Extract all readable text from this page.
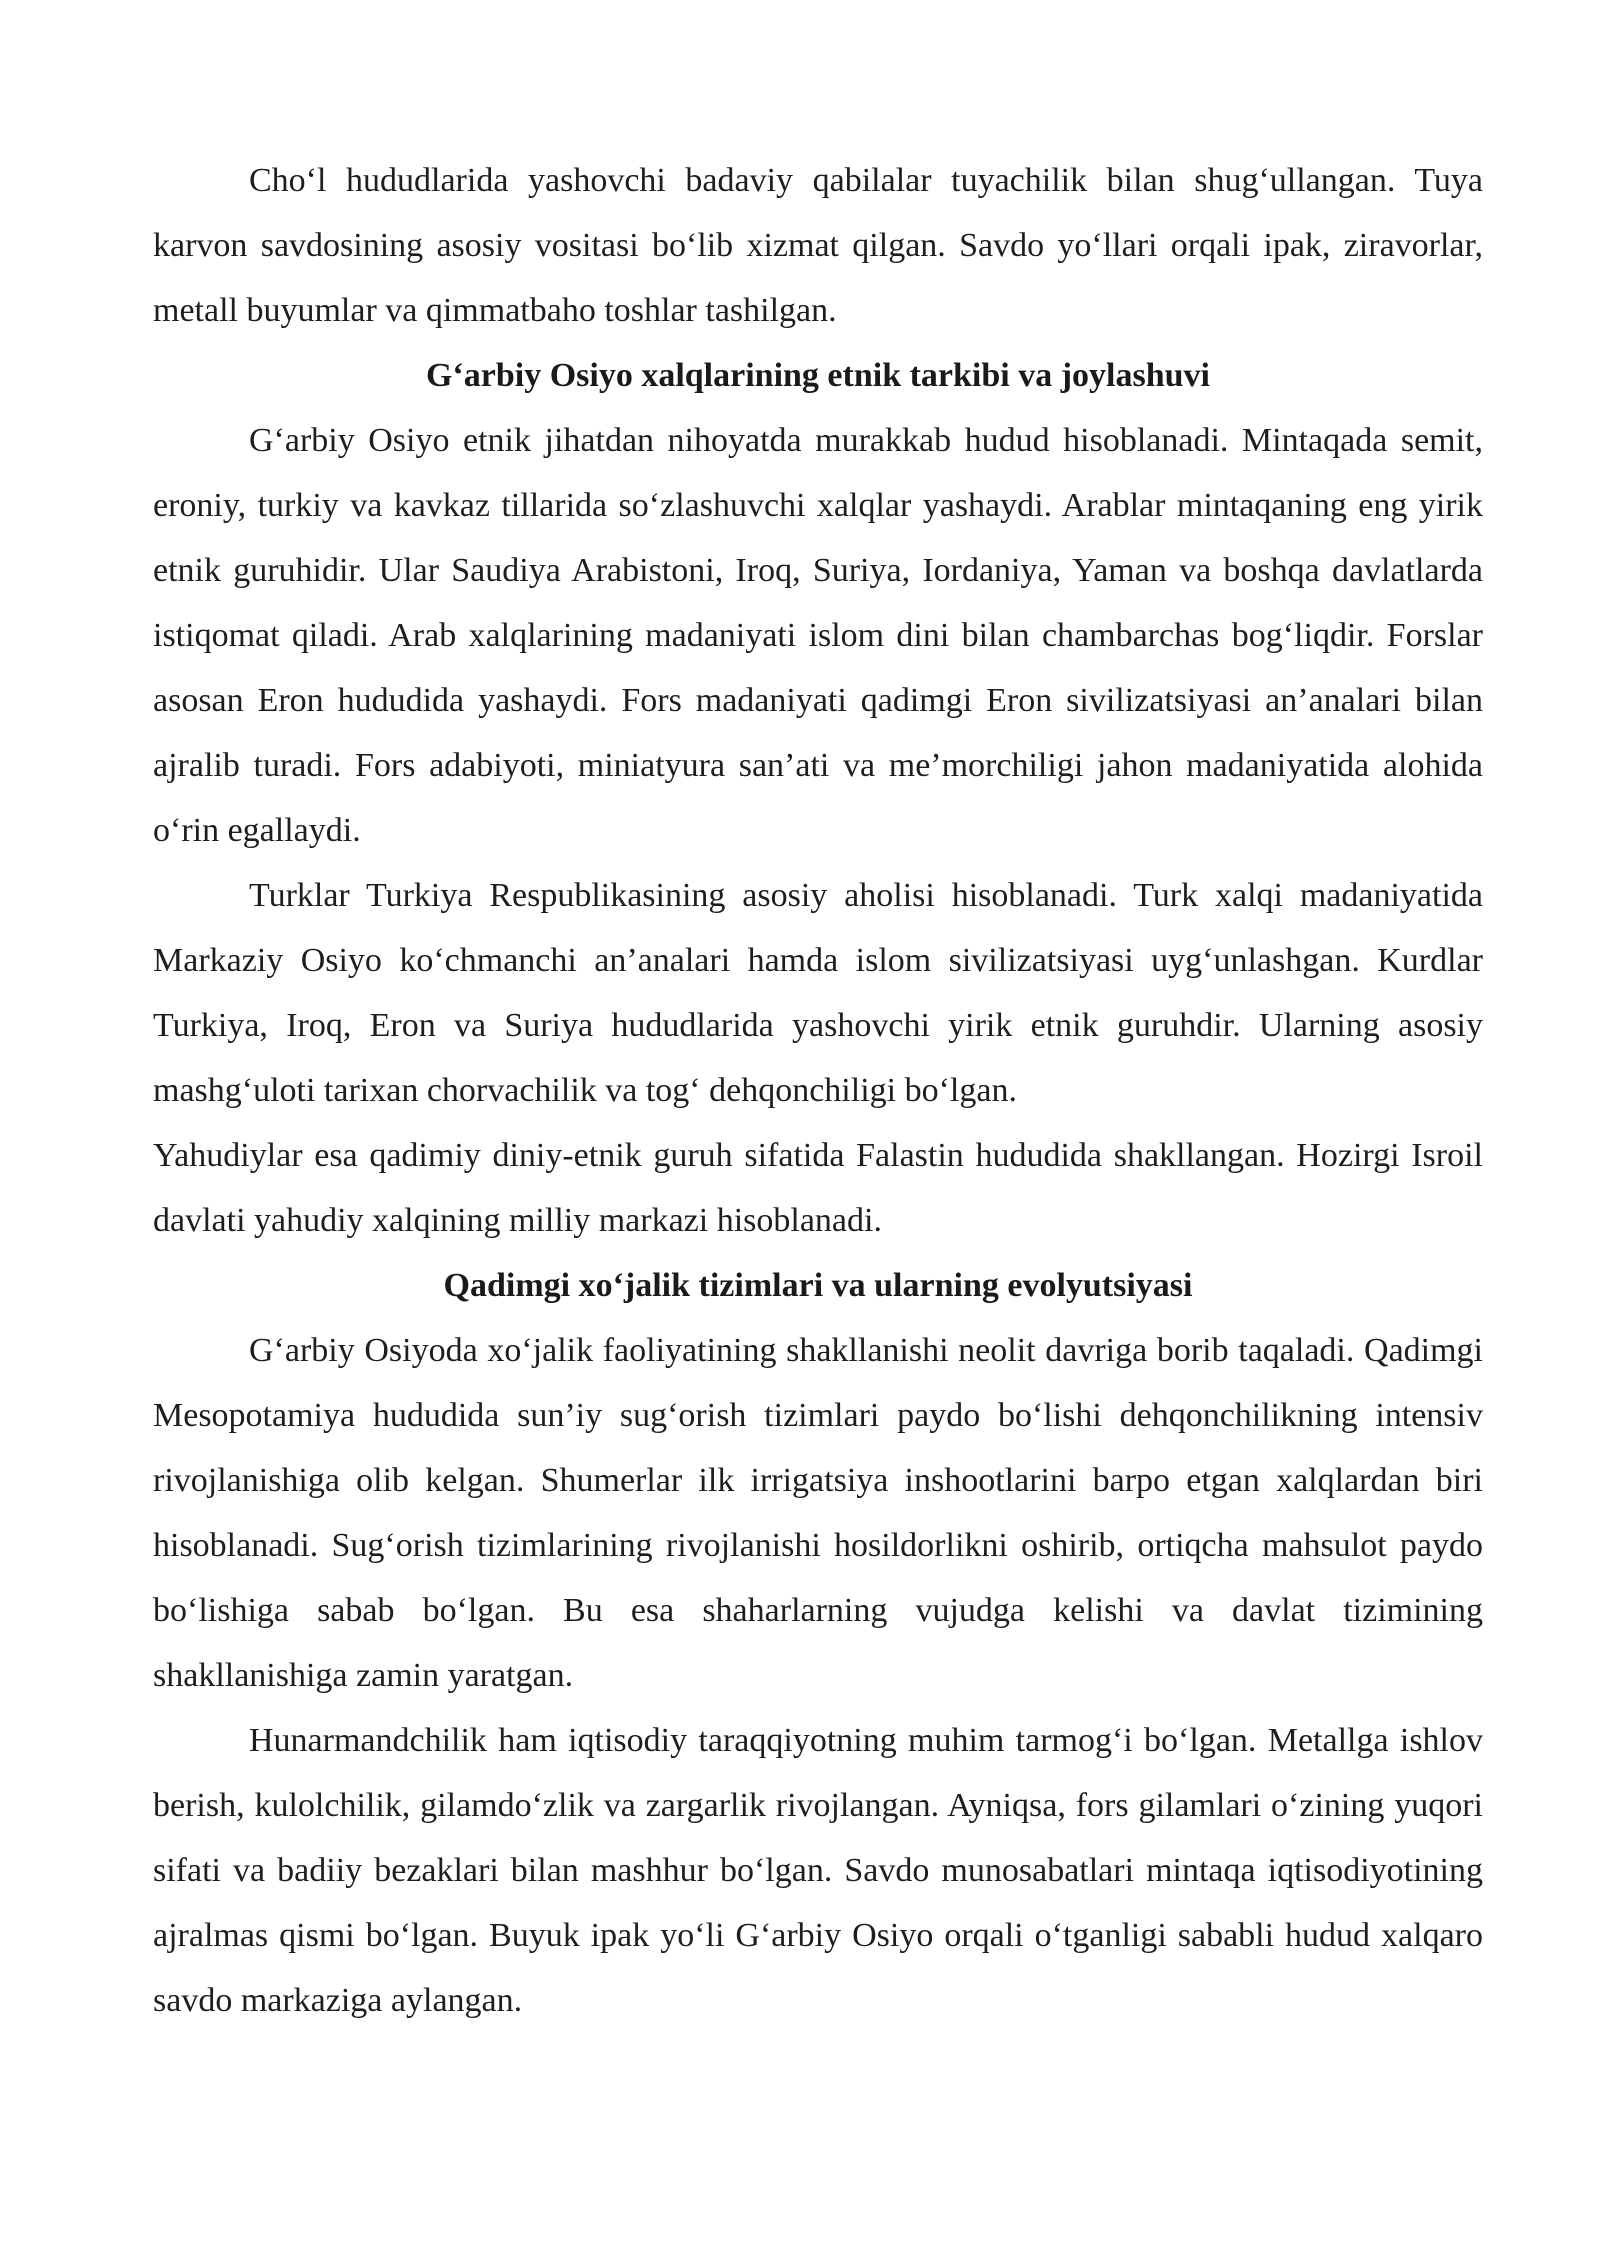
Cho‘l hududlarida yashovchi badaviy qabilalar tuyachilik bilan shug‘ullangan. Tuya karvon savdosining asosiy vositasi bo‘lib xizmat qilgan. Savdo yo‘llari orqali ipak, ziravorlar, metall buyumlar va qimmatbaho toshlar tashilgan.

G‘arbiy Osiyo xalqlarining etnik tarkibi va joylashuvi

G‘arbiy Osiyo etnik jihatdan nihoyatda murakkab hudud hisoblanadi. Mintaqada semit, eroniy, turkiy va kavkaz tillarida so‘zlashuvchi xalqlar yashaydi. Arablar mintaqaning eng yirik etnik guruhidir. Ular Saudiya Arabistoni, Iroq, Suriya, Iordaniya, Yaman va boshqa davlatlarda istiqomat qiladi. Arab xalqlarining madaniyati islom dini bilan chambarchas bog‘liqdir. Forslar asosan Eron hududida yashaydi. Fors madaniyati qadimgi Eron sivilizatsiyasi an’analari bilan ajralib turadi. Fors adabiyoti, miniatyura san’ati va me’morchiligi jahon madaniyatida alohida o‘rin egallaydi.

Turklar Turkiya Respublikasining asosiy aholisi hisoblanadi. Turk xalqi madaniyatida Markaziy Osiyo ko‘chmanchi an’analari hamda islom sivilizatsiyasi uyg‘unlashgan. Kurdlar Turkiya, Iroq, Eron va Suriya hududlarida yashovchi yirik etnik guruhdir. Ularning asosiy mashg‘uloti tarixan chorvachilik va tog‘ dehqonchiligi bo‘lgan.

Yahudiylar esa qadimiy diniy-etnik guruh sifatida Falastin hududida shakllangan. Hozirgi Isroil davlati yahudiy xalqining milliy markazi hisoblanadi.

Qadimgi xo‘jalik tizimlari va ularning evolyutsiyasi

G‘arbiy Osiyoda xo‘jalik faoliyatining shakllanishi neolit davriga borib taqaladi. Qadimgi Mesopotamiya hududida sun’iy sug‘orish tizimlari paydo bo‘lishi dehqonchilikning intensiv rivojlanishiga olib kelgan. Shumerlar ilk irrigatsiya inshootlarini barpo etgan xalqlardan biri hisoblanadi. Sug‘orish tizimlarining rivojlanishi hosildorlikni oshirib, ortiqcha mahsulot paydo bo‘lishiga sabab bo‘lgan. Bu esa shaharlarning vujudga kelishi va davlat tizimining shakllanishiga zamin yaratgan.

Hunarmandchilik ham iqtisodiy taraqqiyotning muhim tarmog‘i bo‘lgan. Metallga ishlov berish, kulolchilik, gilamdo‘zlik va zargarlik rivojlangan. Ayniqsa, fors gilamlari o‘zining yuqori sifati va badiiy bezaklari bilan mashhur bo‘lgan. Savdo munosabatlari mintaqa iqtisodiyotining ajralmas qismi bo‘lgan. Buyuk ipak yo‘li G‘arbiy Osiyo orqali o‘tganligi sababli hudud xalqaro savdo markaziga aylangan.
